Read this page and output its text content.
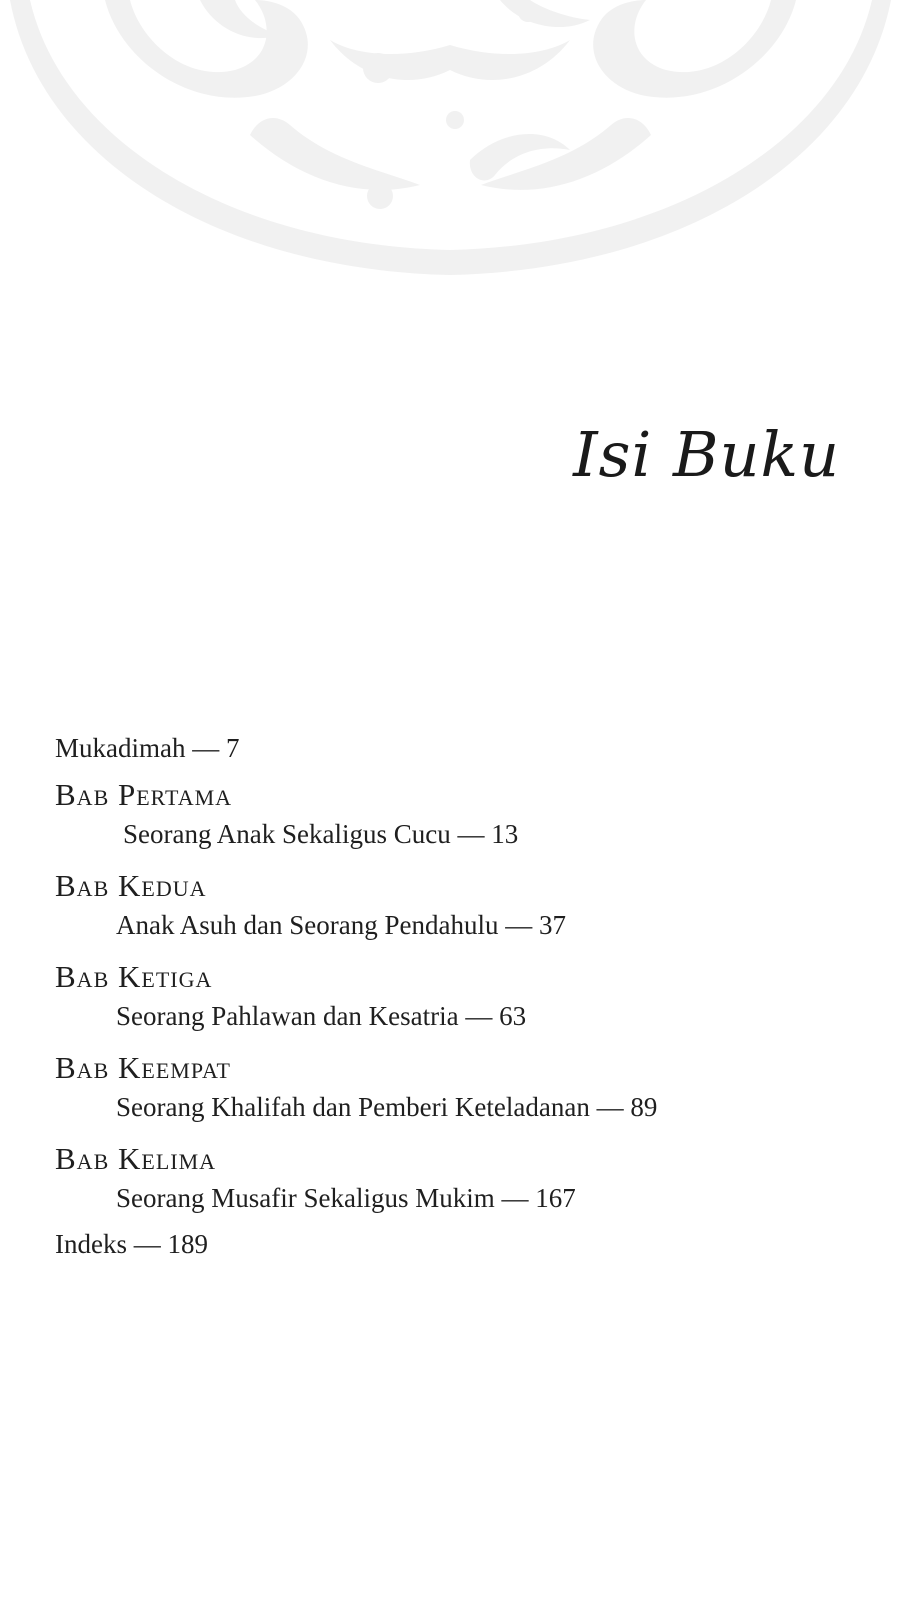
Isi Buku
Mukadimah — 7
Bab Pertama
Seorang Anak Sekaligus Cucu — 13
Bab Kedua
Anak Asuh dan Seorang Pendahulu — 37
Bab Ketiga
Seorang Pahlawan dan Kesatria — 63
Bab Keempat
Seorang Khalifah dan Pemberi Keteladanan — 89
Bab Kelima
Seorang Musafir Sekaligus Mukim — 167
Indeks — 189
